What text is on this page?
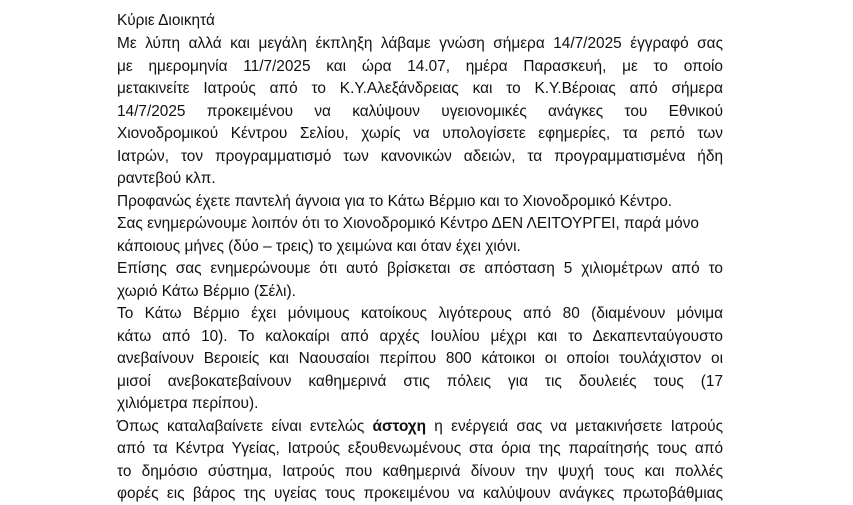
Κύριε Διοικητά

Με λύπη αλλά και μεγάλη έκπληξη λάβαμε γνώση σήμερα 14/7/2025 έγγραφό σας

με ημερομηνία 11/7/2025 και ώρα 14.07, ημέρα Παρασκευή, με το οποίο

μετακινείτε Ιατρούς από το Κ.Υ.Αλεξάνδρειας και το Κ.Υ.Βέροιας από σήμερα

14/7/2025 προκειμένου να καλύψουν υγειονομικές ανάγκες του Εθνικού

Χιονοδρομικού Κέντρου Σελίου, χωρίς να υπολογίσετε εφημερίες, τα ρεπό των

Ιατρών, τον προγραμματισμό των κανονικών αδειών, τα προγραμματισμένα ήδη

ραντεβού κλπ.

Προφανώς έχετε παντελή άγνοια για το Κάτω Βέρμιο και το Χιονοδρομικό Κέντρο.

Σας ενημερώνουμε λοιπόν ότι το Χιονοδρομικό Κέντρο ΔΕΝ ΛΕΙΤΟΥΡΓΕΙ, παρά μόνο

κάποιους μήνες (δύο – τρεις) το χειμώνα και όταν έχει χιόνι.

Επίσης σας ενημερώνουμε ότι αυτό βρίσκεται σε απόσταση 5 χιλιομέτρων από το

χωριό Κάτω Βέρμιο (Σέλι).

Το Κάτω Βέρμιο έχει μόνιμους κατοίκους λιγότερους από 80 (διαμένουν μόνιμα

κάτω από 10). Το καλοκαίρι από αρχές Ιουλίου μέχρι και το Δεκαπενταύγουστο

ανεβαίνουν Βεροιείς και Ναουσαίοι περίπου 800 κάτοικοι οι οποίοι τουλάχιστον οι

μισοί ανεβοκατεβαίνουν καθημερινά στις πόλεις για τις δουλειές τους (17

χιλιόμετρα περίπου).

Όπως καταλαβαίνετε είναι εντελώς άστοχη η ενέργειά σας να μετακινήσετε Ιατρούς

από τα Κέντρα Υγείας, Ιατρούς εξουθενωμένους στα όρια της παραίτησής τους από

το δημόσιο σύστημα, Ιατρούς που καθημερινά δίνουν την ψυχή τους και πολλές

φορές εις βάρος της υγείας τους προκειμένου να καλύψουν ανάγκες πρωτοβάθμιας
